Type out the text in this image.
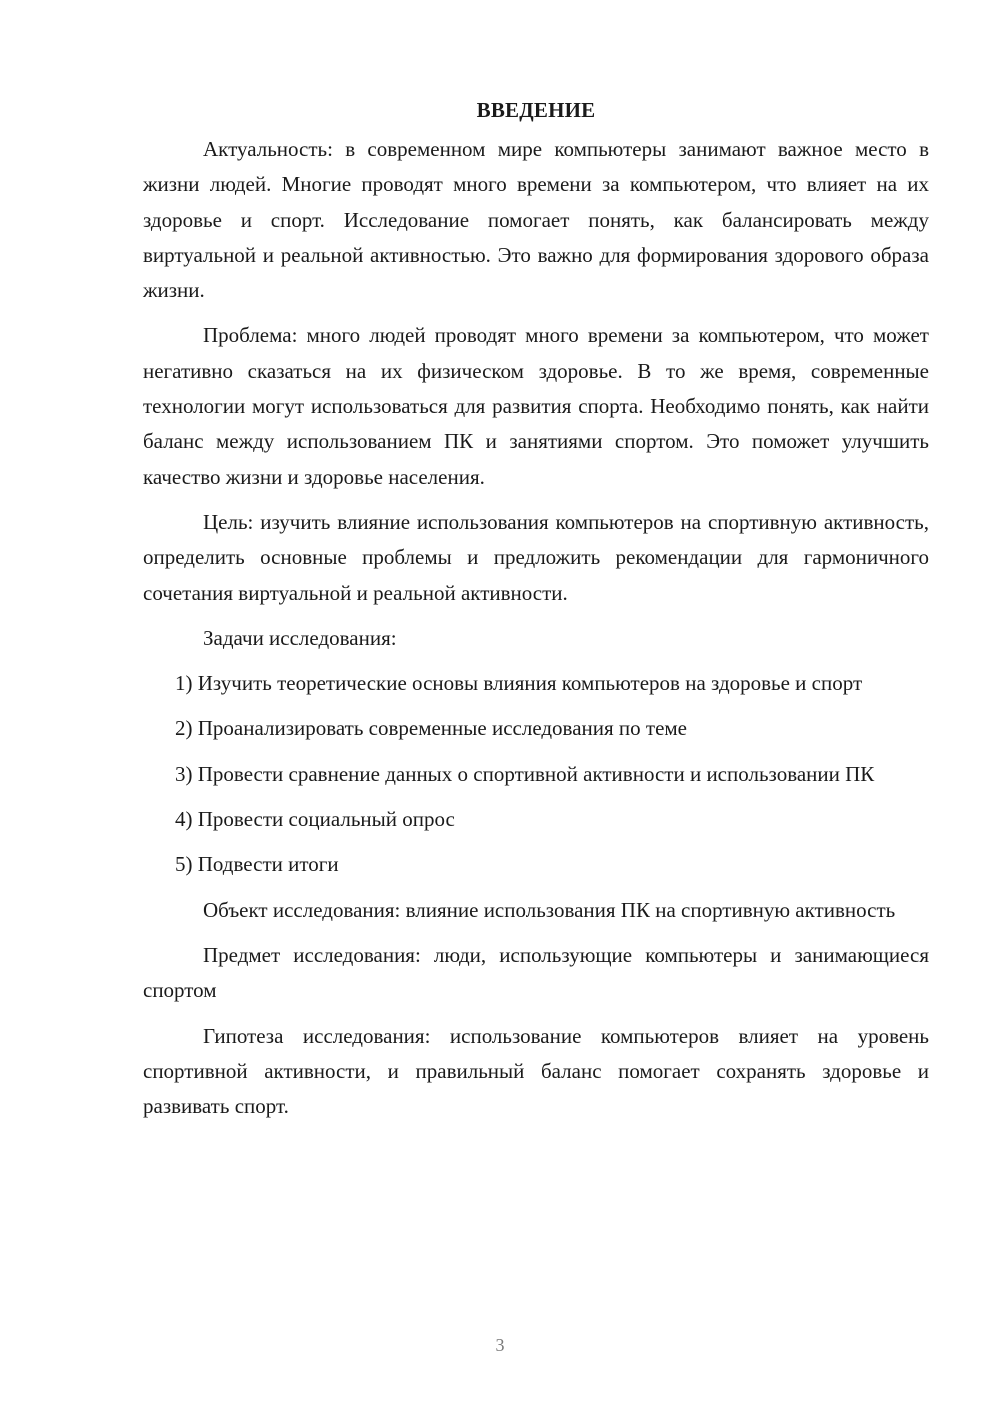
ВВЕДЕНИЕ

Актуальность: в современном мире компьютеры занимают важное место в жизни людей. Многие проводят много времени за компьютером, что влияет на их здоровье и спорт. Исследование помогает понять, как балансировать между виртуальной и реальной активностью. Это важно для формирования здорового образа жизни.

Проблема: много людей проводят много времени за компьютером, что может негативно сказаться на их физическом здоровье. В то же время, современные технологии могут использоваться для развития спорта. Необходимо понять, как найти баланс между использованием ПК и занятиями спортом. Это поможет улучшить качество жизни и здоровье населения.

Цель: изучить влияние использования компьютеров на спортивную активность, определить основные проблемы и предложить рекомендации для гармоничного сочетания виртуальной и реальной активности.

Задачи исследования:

1) Изучить теоретические основы влияния компьютеров на здоровье и спорт

2) Проанализировать современные исследования по теме

3) Провести сравнение данных о спортивной активности и использовании ПК

4) Провести социальный опрос

5) Подвести итоги

Объект исследования: влияние использования ПК на спортивную активность

Предмет исследования: люди, использующие компьютеры и занимающиеся спортом

Гипотеза исследования: использование компьютеров влияет на уровень спортивной активности, и правильный баланс помогает сохранять здоровье и развивать спорт.

3
